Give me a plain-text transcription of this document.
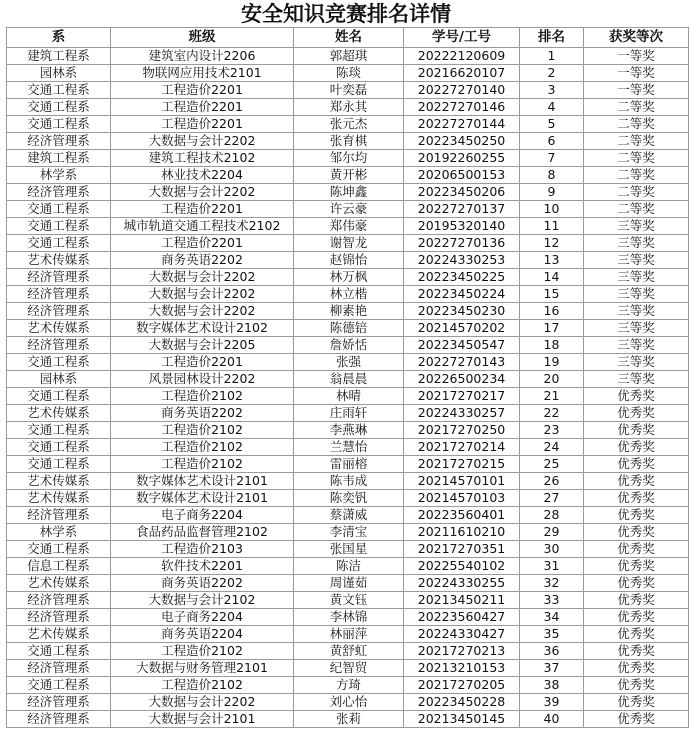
安全知识竞赛排名详情
系	班级	姓名	学号/工号	排名	获奖等次
建筑工程系	建筑室内设计2206	郭超琪	20222120609	1	一等奖
园林系	物联网应用技术2101	陈琰	20216620107	2	一等奖
交通工程系	工程造价2201	叶奕磊	20227270140	3	一等奖
交通工程系	工程造价2201	郑永其	20227270146	4	二等奖
交通工程系	工程造价2201	张元杰	20227270144	5	二等奖
经济管理系	大数据与会计2202	张育棋	20223450250	6	二等奖
建筑工程系	建筑工程技术2102	邹尔均	20192260255	7	二等奖
林学系	林业技术2204	黄开彬	20206500153	8	二等奖
经济管理系	大数据与会计2202	陈坤鑫	20223450206	9	二等奖
交通工程系	工程造价2201	许云豪	20227270137	10	二等奖
交通工程系	城市轨道交通工程技术2102	郑伟豪	20195320140	11	三等奖
交通工程系	工程造价2201	谢智龙	20227270136	12	三等奖
艺术传媒系	商务英语2202	赵锦怡	20224330253	13	三等奖
经济管理系	大数据与会计2202	林万枫	20223450225	14	三等奖
经济管理系	大数据与会计2202	林立楷	20223450224	15	三等奖
经济管理系	大数据与会计2202	柳素艳	20223450230	16	三等奖
艺术传媒系	数字媒体艺术设计2102	陈德锫	20214570202	17	三等奖
经济管理系	大数据与会计2205	詹娇恬	20223450547	18	三等奖
交通工程系	工程造价2201	张强	20227270143	19	三等奖
园林系	风景园林设计2202	翁晨晨	20226500234	20	三等奖
交通工程系	工程造价2102	林晴	20217270217	21	优秀奖
艺术传媒系	商务英语2202	庄雨轩	20224330257	22	优秀奖
交通工程系	工程造价2102	李燕琳	20217270250	23	优秀奖
交通工程系	工程造价2102	兰慧怡	20217270214	24	优秀奖
交通工程系	工程造价2102	雷丽榕	20217270215	25	优秀奖
艺术传媒系	数字媒体艺术设计2101	陈韦成	20214570101	26	优秀奖
艺术传媒系	数字媒体艺术设计2101	陈奕钒	20214570103	27	优秀奖
经济管理系	电子商务2204	蔡潇威	20223560401	28	优秀奖
林学系	食品药品监督管理2102	李清宝	20211610210	29	优秀奖
交通工程系	工程造价2103	张国星	20217270351	30	优秀奖
信息工程系	软件技术2201	陈洁	20225540102	31	优秀奖
艺术传媒系	商务英语2202	周谨茹	20224330255	32	优秀奖
经济管理系	大数据与会计2102	黄文钰	20213450211	33	优秀奖
经济管理系	电子商务2204	李林锦	20223560427	34	优秀奖
艺术传媒系	商务英语2204	林丽萍	20224330427	35	优秀奖
交通工程系	工程造价2102	黄舒虹	20217270213	36	优秀奖
经济管理系	大数据与财务管理2101	纪智贸	20213210153	37	优秀奖
交通工程系	工程造价2102	方琦	20217270205	38	优秀奖
经济管理系	大数据与会计2202	刘心怡	20223450228	39	优秀奖
经济管理系	大数据与会计2101	张莉	20213450145	40	优秀奖
